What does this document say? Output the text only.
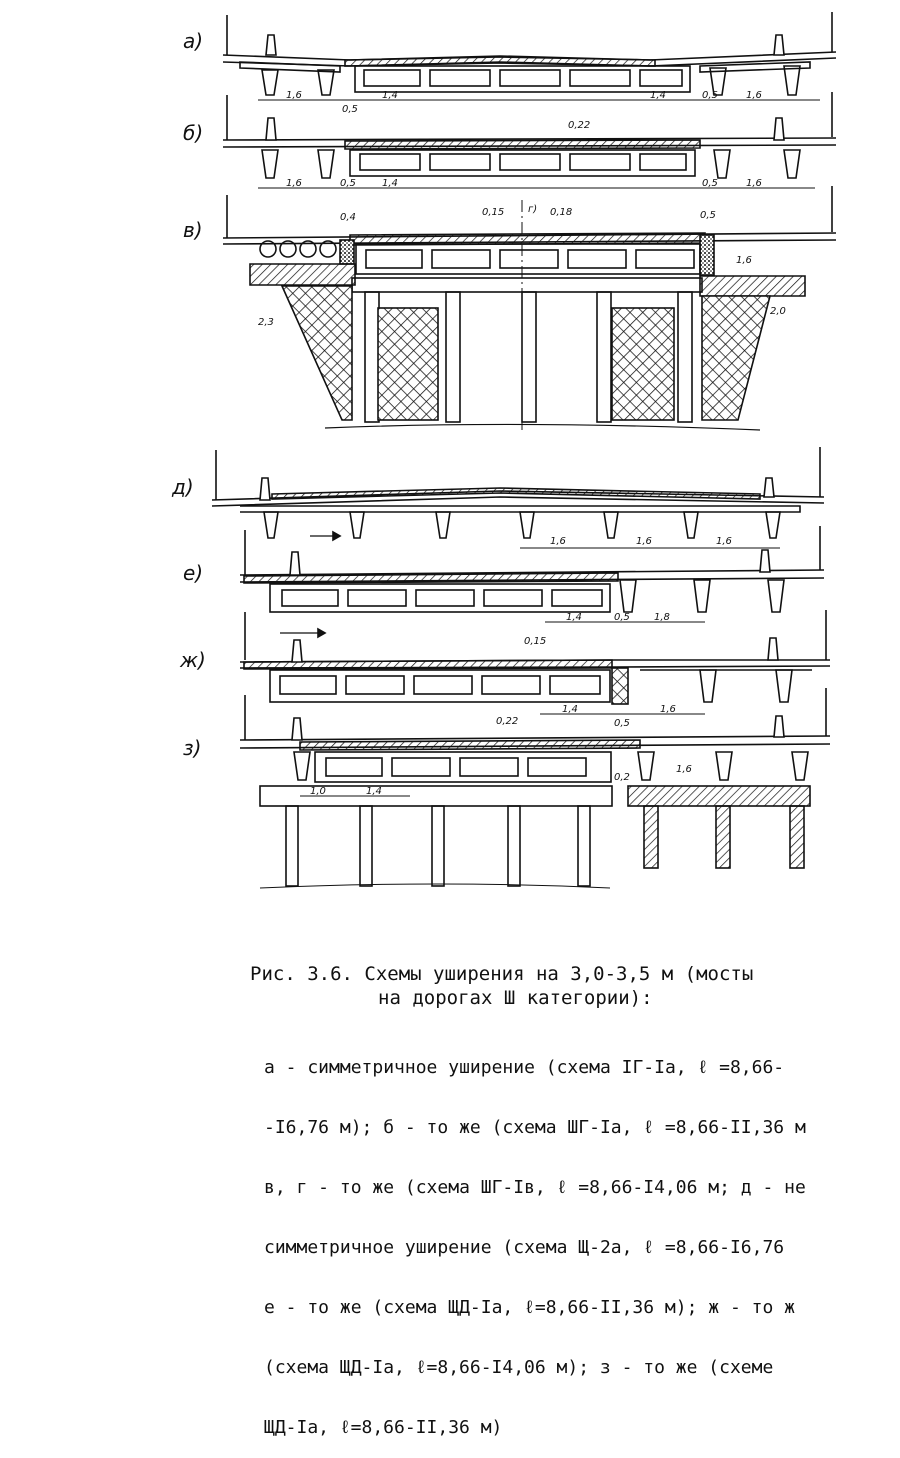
а)
б)
в)
д)
е)
ж)
з)
1,6
0,5
1,4	1,4	0,5	1,6
0,22
1,6	0,5	1,4	0,5	1,6
0,4	0,15 г) 0,18	0,5
1,6
2,3
2,0
1,6	1,6	1,6
1,4	0,5 1,8
0,15
1,4
0,5
1,6
0,22
1,0	1,4
0,2
1,6
Рис. 3.6. Схемы уширения на 3,0-3,5 м (мосты
на дорогах Ш категории):

а - симметричное уширение (схема IГ-Iа, ℓ =8,66-

-I6,76 м); б - то же (схема ШГ-Iа, ℓ =8,66-II,36 м

в, г - то же (схема ШГ-Iв, ℓ =8,66-I4,06 м; д - не

симметричное уширение (схема Щ-2а, ℓ =8,66-I6,76

е - то же (схема ЩД-Iа, ℓ=8,66-II,36 м); ж - то ж

(схема ЩД-Iа, ℓ=8,66-I4,06 м); з - то же (схеме

ЩД-Iа, ℓ=8,66-II,36 м)
